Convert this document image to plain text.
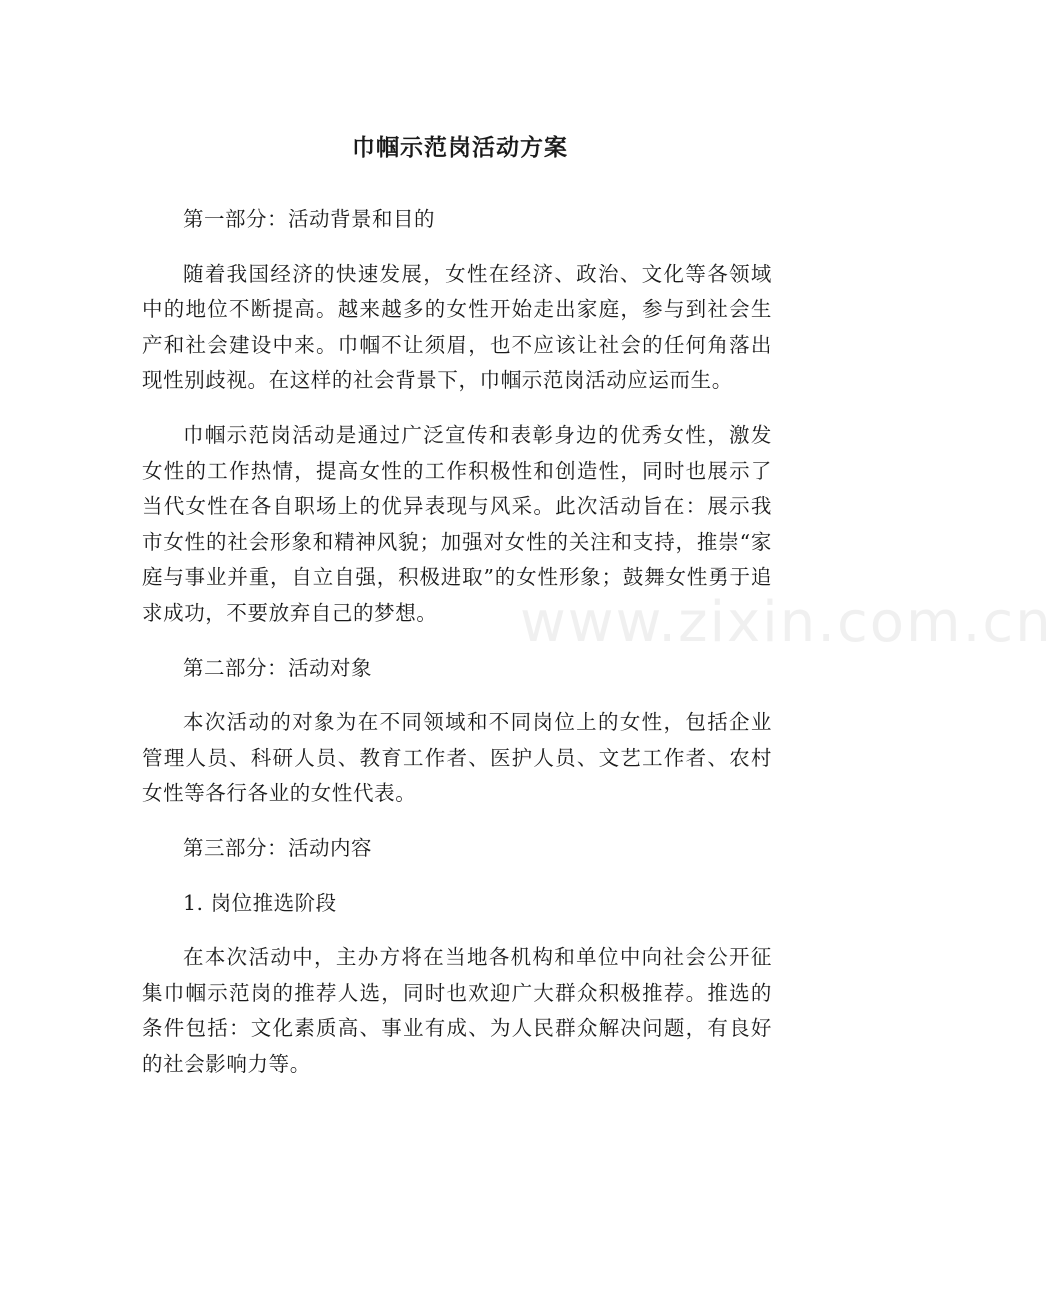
巾帼示范岗活动方案

第一部分：活动背景和目的

随着我国经济的快速发展，女性在经济、政治、文化等各领域中的地位不断提高。越来越多的女性开始走出家庭，参与到社会生产和社会建设中来。巾帼不让须眉，也不应该让社会的任何角落出现性别歧视。在这样的社会背景下，巾帼示范岗活动应运而生。

巾帼示范岗活动是通过广泛宣传和表彰身边的优秀女性，激发女性的工作热情，提高女性的工作积极性和创造性，同时也展示了当代女性在各自职场上的优异表现与风采。此次活动旨在：展示我市女性的社会形象和精神风貌；加强对女性的关注和支持，推崇“家庭与事业并重，自立自强，积极进取”的女性形象；鼓舞女性勇于追求成功，不要放弃自己的梦想。

第二部分：活动对象

本次活动的对象为在不同领域和不同岗位上的女性，包括企业管理人员、科研人员、教育工作者、医护人员、文艺工作者、农村女性等各行各业的女性代表。

第三部分：活动内容

1. 岗位推选阶段

在本次活动中，主办方将在当地各机构和单位中向社会公开征集巾帼示范岗的推荐人选，同时也欢迎广大群众积极推荐。推选的条件包括：文化素质高、事业有成、为人民群众解决问题，有良好的社会影响力等。

www.zixin.com.cn
